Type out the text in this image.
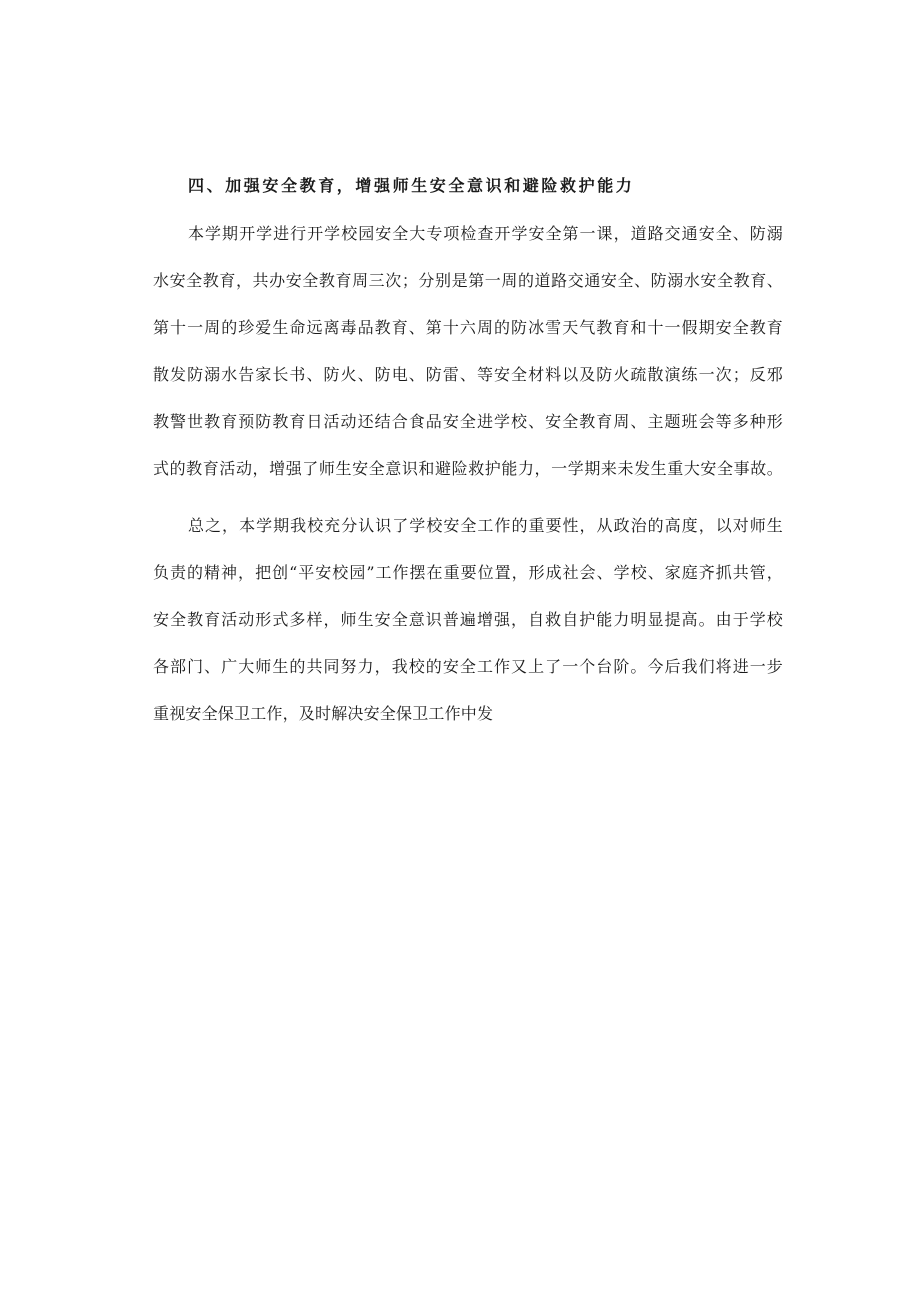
四、加强安全教育，增强师生安全意识和避险救护能力
本学期开学进行开学校园安全大专项检查开学安全第一课，道路交通安全、防溺
水安全教育，共办安全教育周三次；分别是第一周的道路交通安全、防溺水安全教育、
第十一周的珍爱生命远离毒品教育、第十六周的防冰雪天气教育和十一假期安全教育
散发防溺水告家长书、防火、防电、防雷、等安全材料以及防火疏散演练一次；反邪
教警世教育预防教育日活动还结合食品安全进学校、安全教育周、主题班会等多种形
式的教育活动，增强了师生安全意识和避险救护能力，一学期来未发生重大安全事故。
总之，本学期我校充分认识了学校安全工作的重要性，从政治的高度，以对师生
负责的精神，把创“平安校园”工作摆在重要位置，形成社会、学校、家庭齐抓共管，
安全教育活动形式多样，师生安全意识普遍增强，自救自护能力明显提高。由于学校
各部门、广大师生的共同努力，我校的安全工作又上了一个台阶。今后我们将进一步
重视安全保卫工作，及时解决安全保卫工作中发
